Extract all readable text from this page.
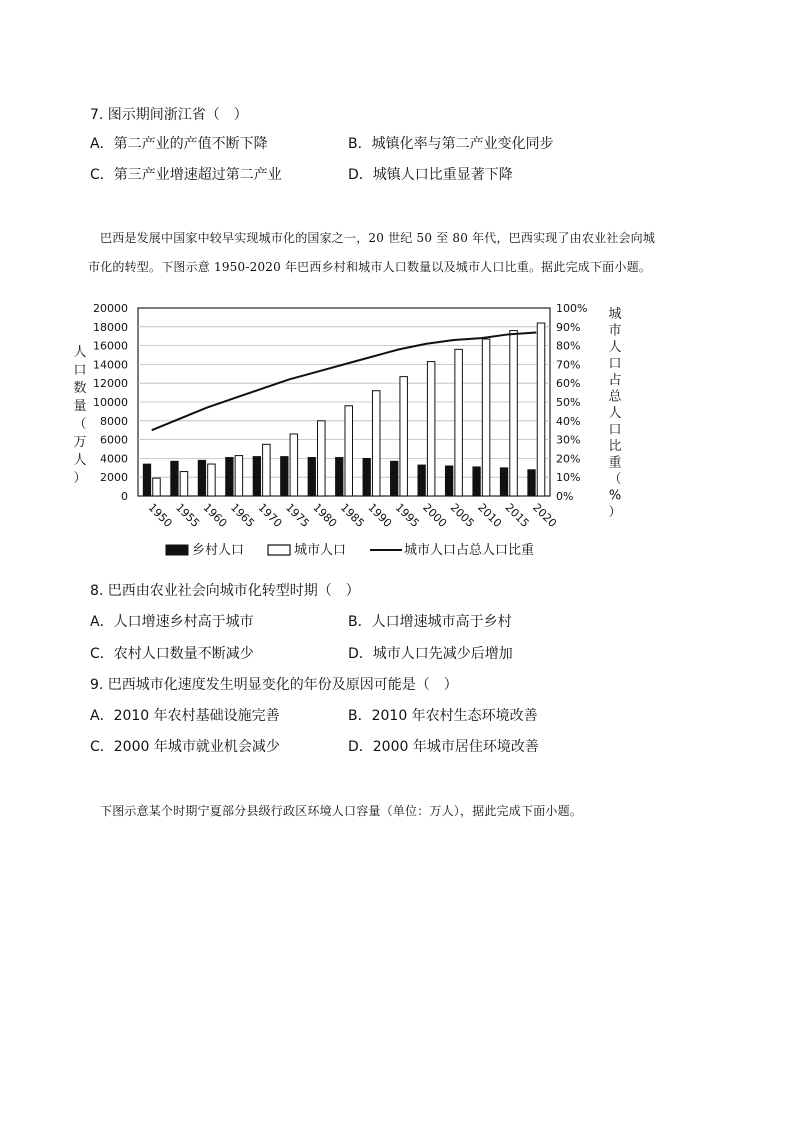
7. 图示期间浙江省（　）
A．第二产业的产值不断下降	B．城镇化率与第二产业变化同步
C．第三产业增速超过第二产业	D．城镇人口比重显著下降
巴西是发展中国家中较早实现城市化的国家之一，20 世纪 50 至 80 年代，巴西实现了由农业社会向城
市化的转型。下图示意 1950-2020 年巴西乡村和城市人口数量以及城市人口比重。据此完成下面小题。
0
2000
4000
6000
8000
10000
12000
14000
16000
18000
20000
0%
10%
20%
30%
40%
50%
60%
70%
80%
90%
100%
1950
1955
1960
1965
1970
1975
1980
1985
1990
1995
2000
2005
2010
2015
2020
人
口
数
量
（
万
人
）
城
市
人
口
占
总
人
口
比
重
（
%
）
乡村人口	城市人口	城市人口占总人口比重
8. 巴西由农业社会向城市化转型时期（　）
A．人口增速乡村高于城市	B．人口增速城市高于乡村
C．农村人口数量不断减少	D．城市人口先减少后增加
9. 巴西城市化速度发生明显变化的年份及原因可能是（　）
A．2010 年农村基础设施完善	B．2010 年农村生态环境改善
C．2000 年城市就业机会减少	D．2000 年城市居住环境改善
下图示意某个时期宁夏部分县级行政区环境人口容量（单位：万人），据此完成下面小题。
